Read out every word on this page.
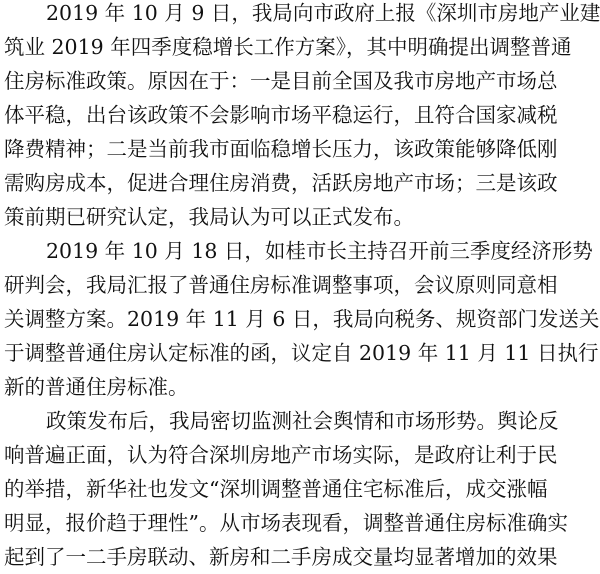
2019 年 10 月 9 日，我局向市政府上报《深圳市房地产业建
筑业 2019 年四季度稳增长工作方案》，其中明确提出调整普通
住房标准政策。原因在于：一是目前全国及我市房地产市场总
体平稳，出台该政策不会影响市场平稳运行，且符合国家减税
降费精神；二是当前我市面临稳增长压力，该政策能够降低刚
需购房成本，促进合理住房消费，活跃房地产市场；三是该政
策前期已研究认定，我局认为可以正式发布。
2019 年 10 月 18 日，如桂市长主持召开前三季度经济形势
研判会，我局汇报了普通住房标准调整事项，会议原则同意相
关调整方案。2019 年 11 月 6 日，我局向税务、规资部门发送关
于调整普通住房认定标准的函，议定自 2019 年 11 月 11 日执行
新的普通住房标准。
政策发布后，我局密切监测社会舆情和市场形势。舆论反
响普遍正面，认为符合深圳房地产市场实际，是政府让利于民
的举措，新华社也发文“深圳调整普通住宅标准后，成交涨幅
明显，报价趋于理性”。从市场表现看，调整普通住房标准确实
起到了一二手房联动、新房和二手房成交量均显著增加的效果
